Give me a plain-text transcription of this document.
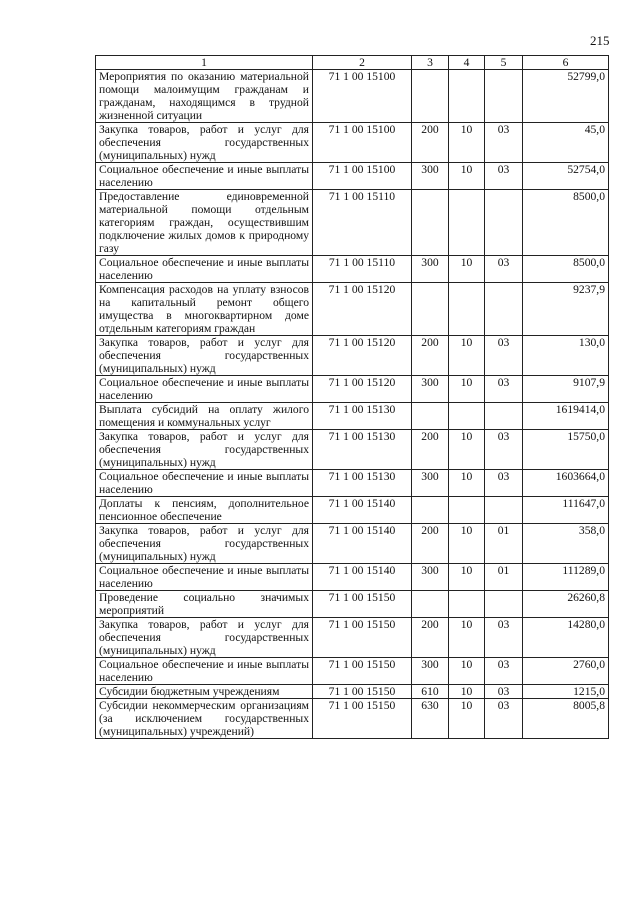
215
1	2	3	4	5	6
Мероприятия по оказанию материальной помощи малоимущим гражданам и гражданам, находящимся в трудной жизненной ситуации	71 1 00 15100				52799,0
Закупка товаров, работ и услуг для обеспечения государственных (муниципальных) нужд	71 1 00 15100	200	10	03	45,0
Социальное обеспечение и иные выплаты населению	71 1 00 15100	300	10	03	52754,0
Предоставление единовременной материальной помощи отдельным категориям граждан, осуществившим подключение жилых домов к природному газу	71 1 00 15110				8500,0
Социальное обеспечение и иные выплаты населению	71 1 00 15110	300	10	03	8500,0
Компенсация расходов на уплату взносов на капитальный ремонт общего имущества в многоквартирном доме отдельным категориям граждан	71 1 00 15120				9237,9
Закупка товаров, работ и услуг для обеспечения государственных (муниципальных) нужд	71 1 00 15120	200	10	03	130,0
Социальное обеспечение и иные выплаты населению	71 1 00 15120	300	10	03	9107,9
Выплата субсидий на оплату жилого помещения и коммунальных услуг	71 1 00 15130				1619414,0
Закупка товаров, работ и услуг для обеспечения государственных (муниципальных) нужд	71 1 00 15130	200	10	03	15750,0
Социальное обеспечение и иные выплаты населению	71 1 00 15130	300	10	03	1603664,0
Доплаты к пенсиям, дополнительное пенсионное обеспечение	71 1 00 15140				111647,0
Закупка товаров, работ и услуг для обеспечения государственных (муниципальных) нужд	71 1 00 15140	200	10	01	358,0
Социальное обеспечение и иные выплаты населению	71 1 00 15140	300	10	01	111289,0
Проведение социально значимых мероприятий	71 1 00 15150				26260,8
Закупка товаров, работ и услуг для обеспечения государственных (муниципальных) нужд	71 1 00 15150	200	10	03	14280,0
Социальное обеспечение и иные выплаты населению	71 1 00 15150	300	10	03	2760,0
Субсидии бюджетным учреждениям	71 1 00 15150	610	10	03	1215,0
Субсидии некоммерческим организациям (за исключением государственных (муниципальных) учреждений)	71 1 00 15150	630	10	03	8005,8
